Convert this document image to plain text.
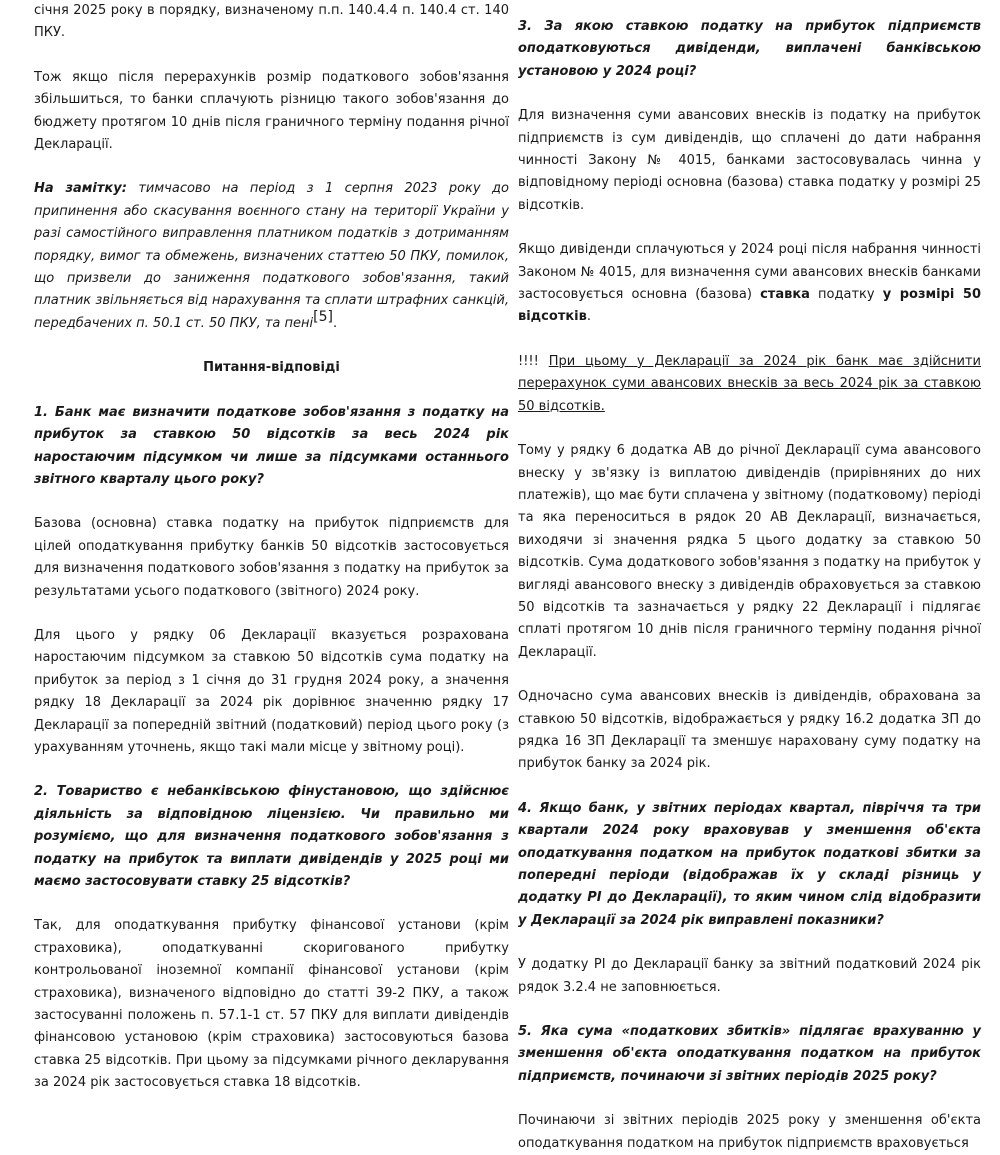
січня 2025 року в порядку, визначеному п.п. 140.4.4 п. 140.4 ст. 140 ПКУ.

Тож якщо після перерахунків розмір податкового зобов'язання збільшиться, то банки сплачують різницю такого зобов'язання до бюджету протягом 10 днів після граничного терміну подання річної Декларації.

На замітку: тимчасово на період з 1 серпня 2023 року до припинення або скасування воєнного стану на території України у разі самостійного виправлення платником податків з дотриманням порядку, вимог та обмежень, визначених статтею 50 ПКУ, помилок, що призвели до заниження податкового зобов'язання, такий платник звільняється від нарахування та сплати штрафних санкцій, передбачених п. 50.1 ст. 50 ПКУ, та пені[5].

Питання-відповіді

1. Банк має визначити податкове зобов'язання з податку на прибуток за ставкою 50 відсотків за весь 2024 рік наростаючим підсумком чи лише за підсумками останнього звітного кварталу цього року?

Базова (основна) ставка податку на прибуток підприємств для цілей оподаткування прибутку банків 50 відсотків застосовується для визначення податкового зобов'язання з податку на прибуток за результатами усього податкового (звітного) 2024 року.

Для цього у рядку 06 Декларації вказується розрахована наростаючим підсумком за ставкою 50 відсотків сума податку на прибуток за період з 1 січня до 31 грудня 2024 року, а значення рядку 18 Декларації за 2024 рік дорівнює значенню рядку 17 Декларації за попередній звітний (податковий) період цього року (з урахуванням уточнень, якщо такі мали місце у звітному році).

2. Товариство є небанківською фінустановою, що здійснює діяльність за відповідною ліцензією. Чи правильно ми розуміємо, що для визначення податкового зобов'язання з податку на прибуток та виплати дивідендів у 2025 році ми маємо застосовувати ставку 25 відсотків?

Так, для оподаткування прибутку фінансової установи (крім страховика), оподаткуванні скоригованого прибутку контрольованої іноземної компанії фінансової установи (крім страховика), визначеного відповідно до статті 39-2 ПКУ, а також застосуванні положень п. 57.1-1 ст. 57 ПКУ для виплати дивідендів фінансовою установою (крім страховика) застосовуються базова ставка 25 відсотків. При цьому за підсумками річного декларування за 2024 рік застосовується ставка 18 відсотків.

3. За якою ставкою податку на прибуток підприємств оподатковуються дивіденди, виплачені банківською установою у 2024 році?

Для визначення суми авансових внесків із податку на прибуток підприємств із сум дивідендів, що сплачені до дати набрання чинності Закону № 4015, банками застосовувалась чинна у відповідному періоді основна (базова) ставка податку у розмірі 25 відсотків.

Якщо дивіденди сплачуються у 2024 році після набрання чинності Законом № 4015, для визначення суми авансових внесків банками застосовується основна (базова) ставка податку у розмірі 50 відсотків.

!!!! При цьому у Декларації за 2024 рік банк має здійснити перерахунок суми авансових внесків за весь 2024 рік за ставкою 50 відсотків.

Тому у рядку 6 додатка АВ до річної Декларації сума авансового внеску у зв'язку із виплатою дивідендів (прирівняних до них платежів), що має бути сплачена у звітному (податковому) періоді та яка переноситься в рядок 20 АВ Декларації, визначається, виходячи зі значення рядка 5 цього додатку за ставкою 50 відсотків. Сума додаткового зобов'язання з податку на прибуток у вигляді авансового внеску з дивідендів обраховується за ставкою 50 відсотків та зазначається у рядку 22 Декларації і підлягає сплаті протягом 10 днів після граничного терміну подання річної Декларації.

Одночасно сума авансових внесків із дивідендів, обрахована за ставкою 50 відсотків, відображається у рядку 16.2 додатка ЗП до рядка 16 ЗП Декларації та зменшує нараховану суму податку на прибуток банку за 2024 рік.

4. Якщо банк, у звітних періодах квартал, півріччя та три квартали 2024 року враховував у зменшення об'єкта оподаткування податком на прибуток податкові збитки за попередні періоди (відображав їх у складі різниць у додатку РІ до Декларації), то яким чином слід відобразити у Декларації за 2024 рік виправлені показники?

У додатку РІ до Декларації банку за звітний податковий 2024 рік рядок 3.2.4 не заповнюється.

5. Яка сума «податкових збитків» підлягає врахуванню у зменшення об'єкта оподаткування податком на прибуток підприємств, починаючи зі звітних періодів 2025 року?

Починаючи зі звітних періодів 2025 року у зменшення об'єкта оподаткування податком на прибуток підприємств враховується
